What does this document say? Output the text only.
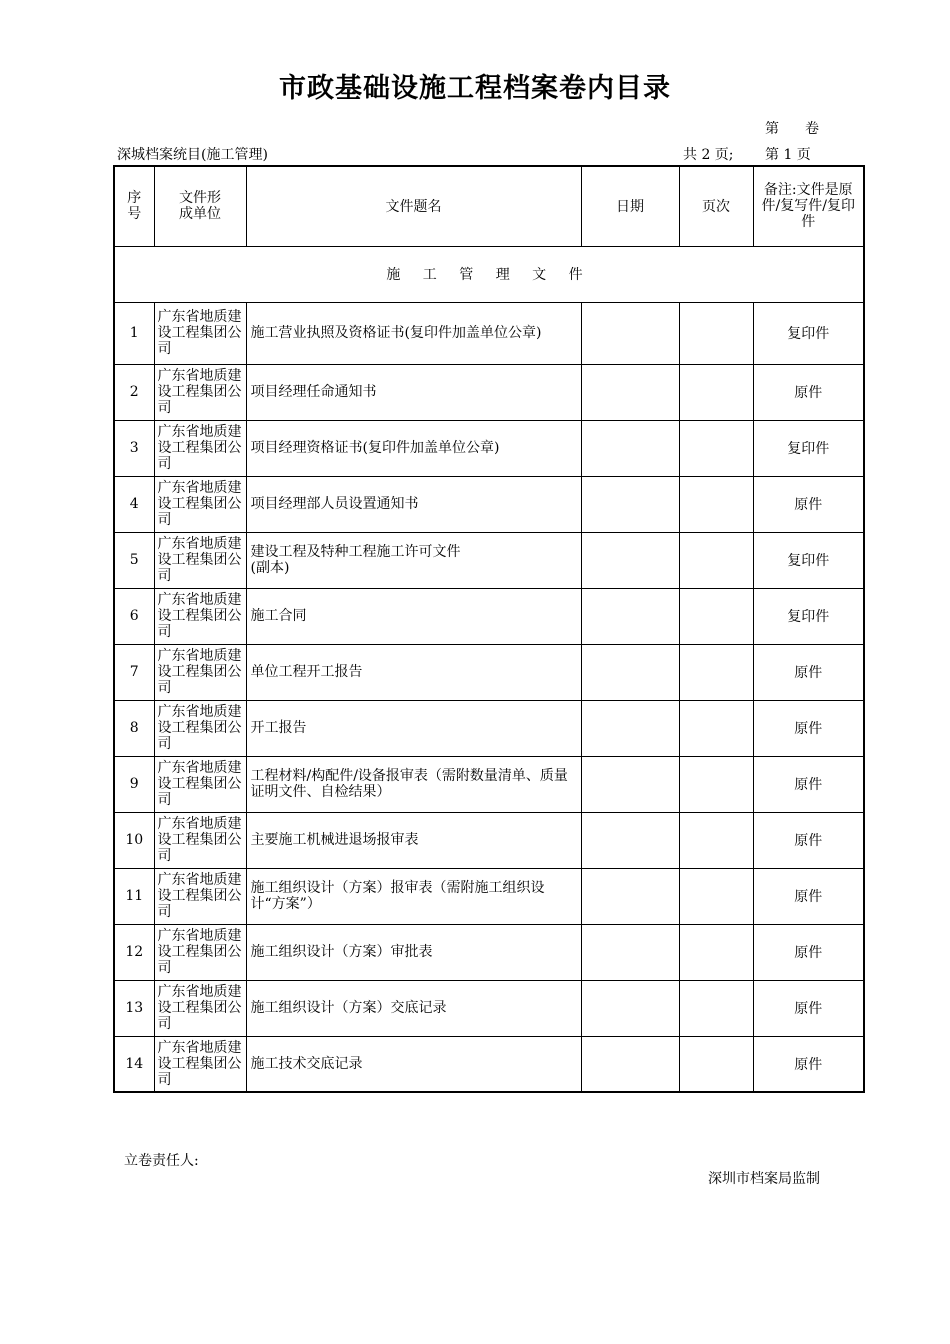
市政基础设施工程档案卷内目录
第 卷
深城档案统目(施工管理)	共 2 页; 第 1 页
序号	文件形成单位	文件题名	日期	页次	备注:文件是原件/复写件/复印件
施 工 管 理 文 件					
1	广东省地质建设工程集团公司	施工营业执照及资格证书(复印件加盖单位公章)			复印件
2	广东省地质建设工程集团公司	项目经理任命通知书			原件
3	广东省地质建设工程集团公司	项目经理资格证书(复印件加盖单位公章)			复印件
4	广东省地质建设工程集团公司	项目经理部人员设置通知书			原件
5	广东省地质建设工程集团公司	建设工程及特种工程施工许可文件
(副本)			复印件
6	广东省地质建设工程集团公司	施工合同			复印件
7	广东省地质建设工程集团公司	单位工程开工报告			原件
8	广东省地质建设工程集团公司	开工报告			原件
9	广东省地质建设工程集团公司	工程材料/构配件/设备报审表（需附数量清单、质量证明文件、自检结果）			原件
10	广东省地质建设工程集团公司	主要施工机械进退场报审表			原件
11	广东省地质建设工程集团公司	施工组织设计（方案）报审表（需附施工组织设计“方案”）			原件
12	广东省地质建设工程集团公司	施工组织设计（方案）审批表			原件
13	广东省地质建设工程集团公司	施工组织设计（方案）交底记录			原件
14	广东省地质建设工程集团公司	施工技术交底记录			原件
立卷责任人:
深圳市档案局监制
